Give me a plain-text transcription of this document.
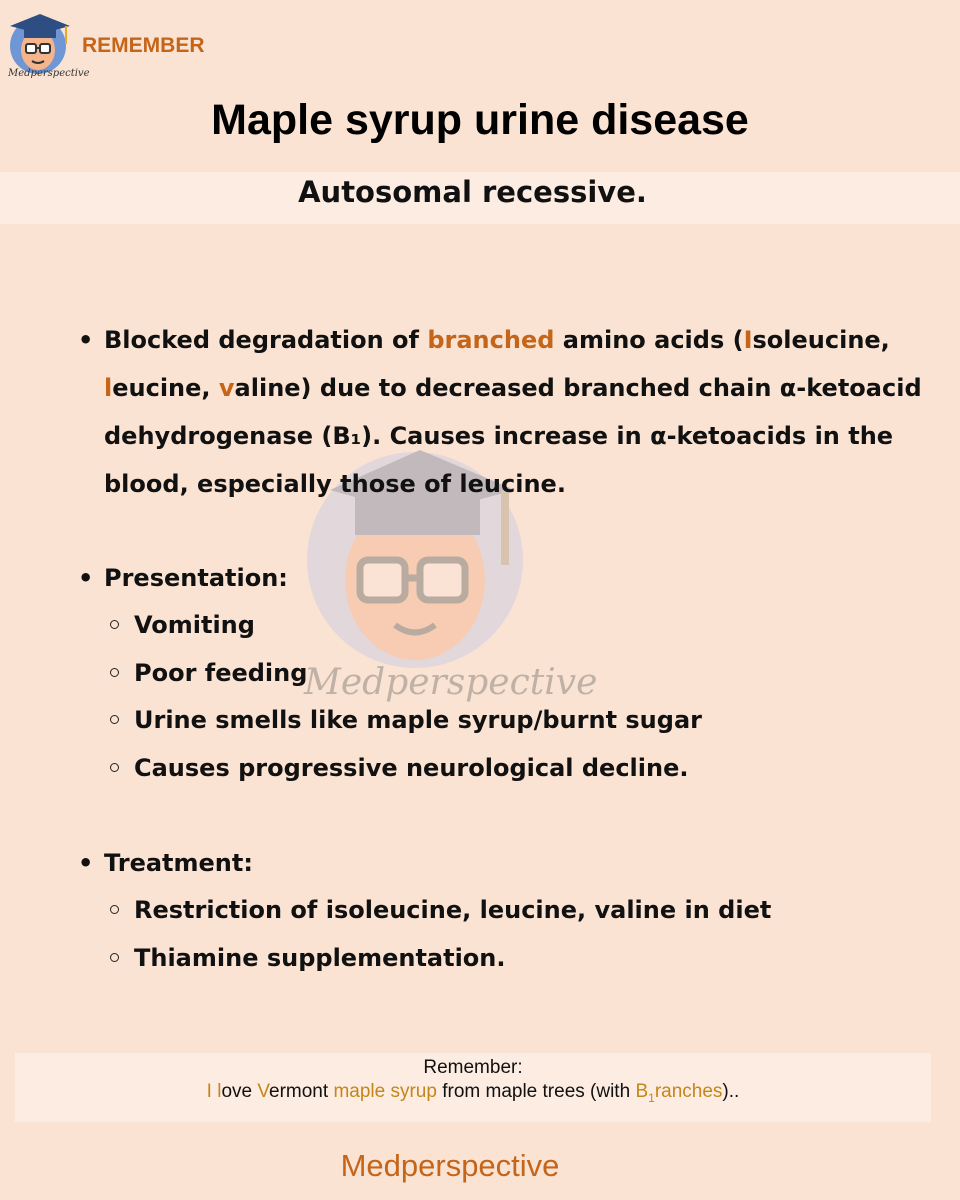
Medperspective
REMEMBER
Maple syrup urine disease
Autosomal recessive.
Medperspective
• Blocked degradation of branched amino acids (Isoleucine, leucine, valine) due to decreased branched chain α-ketoacid dehydrogenase (B₁). Causes increase in α-ketoacids in the blood, especially those of leucine.
• Presentation:
Vomiting
Poor feeding
Urine smells like maple syrup/burnt sugar
Causes progressive neurological decline.
• Treatment:
Restriction of isoleucine, leucine, valine in diet
Thiamine supplementation.
Remember:
I love Vermont maple syrup from maple trees (with $B_1ranches$)..
Medperspective
